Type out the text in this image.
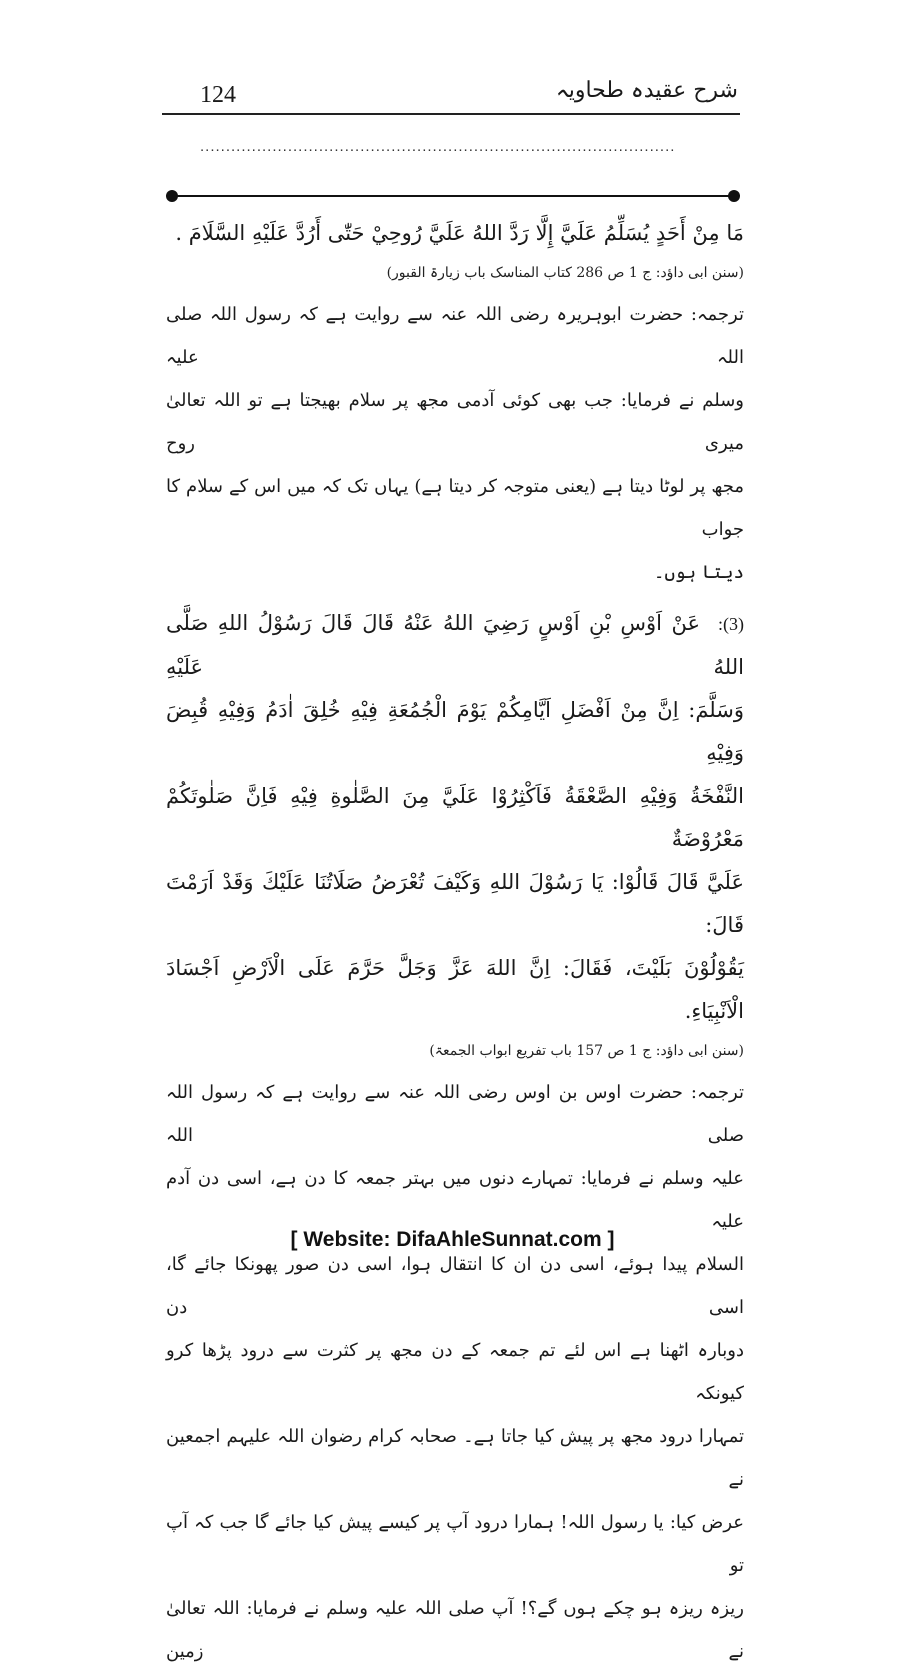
124	شرح عقیدہ طحاویہ
............................................................................................

مَا مِنْ أَحَدٍ يُسَلِّمُ عَلَيَّ إِلَّا رَدَّ اللهُ عَلَيَّ رُوحِيْ حَتّٰى أَرُدَّ عَلَيْهِ السَّلَامَ .

(سنن ابی داؤد: ج 1 ص 286 کتاب المناسک باب زیارۃ القبور)

ترجمہ: حضرت ابوہریرہ رضی اللہ عنہ سے روایت ہے کہ رسول اللہ صلی اللہ علیہ

وسلم نے فرمایا: جب بھی کوئی آدمی مجھ پر سلام بھیجتا ہے تو اللہ تعالیٰ میری روح

مجھ پر لوٹا دیتا ہے (یعنی متوجہ کر دیتا ہے) یہاں تک کہ میں اس کے سلام کا جواب

دیتا ہوں۔

(3):عَنْ اَوْسِ بْنِ اَوْسٍ رَضِيَ اللهُ عَنْهُ قَالَ قَالَ رَسُوْلُ اللهِ صَلَّى اللهُ عَلَيْهِ

وَسَلَّمَ: اِنَّ مِنْ اَفْضَلِ اَيَّامِكُمْ يَوْمَ الْجُمُعَةِ فِيْهِ خُلِقَ اٰدَمُ وَفِيْهِ قُبِضَ وَفِيْهِ

النَّفْخَةُ وَفِيْهِ الصَّعْقَةُ فَاَكْثِرُوْا عَلَيَّ مِنَ الصَّلٰوةِ فِيْهِ فَاِنَّ صَلٰوتَكُمْ مَعْرُوْضَةٌ

عَلَيَّ قَالَ قَالُوْا: يَا رَسُوْلَ اللهِ وَكَيْفَ تُعْرَضُ صَلَاتُنَا عَلَيْكَ وَقَدْ اَرَمْتَ قَالَ:

يَقُوْلُوْنَ بَلَيْتَ، فَقَالَ: اِنَّ اللهَ عَزَّ وَجَلَّ حَرَّمَ عَلَى الْاَرْضِ اَجْسَادَ الْاَنْبِيَاءِ.

(سنن ابی داؤد: ج 1 ص 157 باب تفریع ابواب الجمعۃ)

ترجمہ: حضرت اوس بن اوس رضی اللہ عنہ سے روایت ہے کہ رسول اللہ صلی اللہ

علیہ وسلم نے فرمایا: تمہارے دنوں میں بہتر جمعہ کا دن ہے، اسی دن آدم علیہ

السلام پیدا ہوئے، اسی دن ان کا انتقال ہوا، اسی دن صور پھونکا جائے گا، اسی دن

دوبارہ اٹھنا ہے اس لئے تم جمعہ کے دن مجھ پر کثرت سے درود پڑھا کرو کیونکہ

تمہارا درود مجھ پر پیش کیا جاتا ہے۔ صحابہ کرام رضوان اللہ علیہم اجمعین نے

عرض کیا: یا رسول اللہ! ہمارا درود آپ پر کیسے پیش کیا جائے گا جب کہ آپ تو

ریزہ ریزہ ہو چکے ہوں گے؟! آپ صلی اللہ علیہ وسلم نے فرمایا: اللہ تعالیٰ نے زمین

[ Website: DifaAhleSunnat.com ]
